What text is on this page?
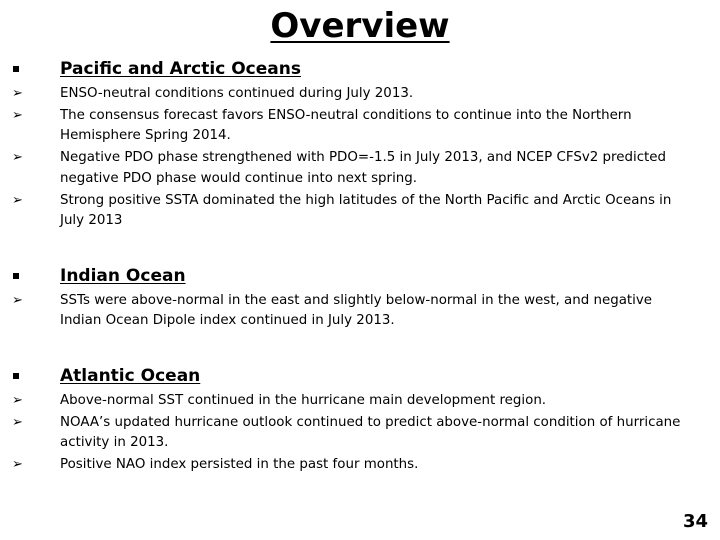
Overview
Pacific and Arctic Oceans
➢	ENSO-neutral conditions continued during July 2013.
➢	The consensus forecast favors ENSO-neutral conditions to continue into the Northern Hemisphere Spring 2014.
➢	Negative PDO phase strengthened with PDO=-1.5 in July 2013, and NCEP CFSv2 predicted negative PDO phase would continue into next spring.
➢	Strong positive SSTA dominated the high latitudes of the North Pacific and Arctic Oceans in July 2013
Indian Ocean
➢	SSTs were above-normal in the east and slightly below-normal in the west, and negative Indian Ocean Dipole index continued in July 2013.
Atlantic Ocean
➢	Above-normal SST continued in the hurricane main development region.
➢	NOAA’s updated hurricane outlook continued to predict above-normal condition of hurricane activity in 2013.
➢	Positive NAO index persisted in the past four months.
34
